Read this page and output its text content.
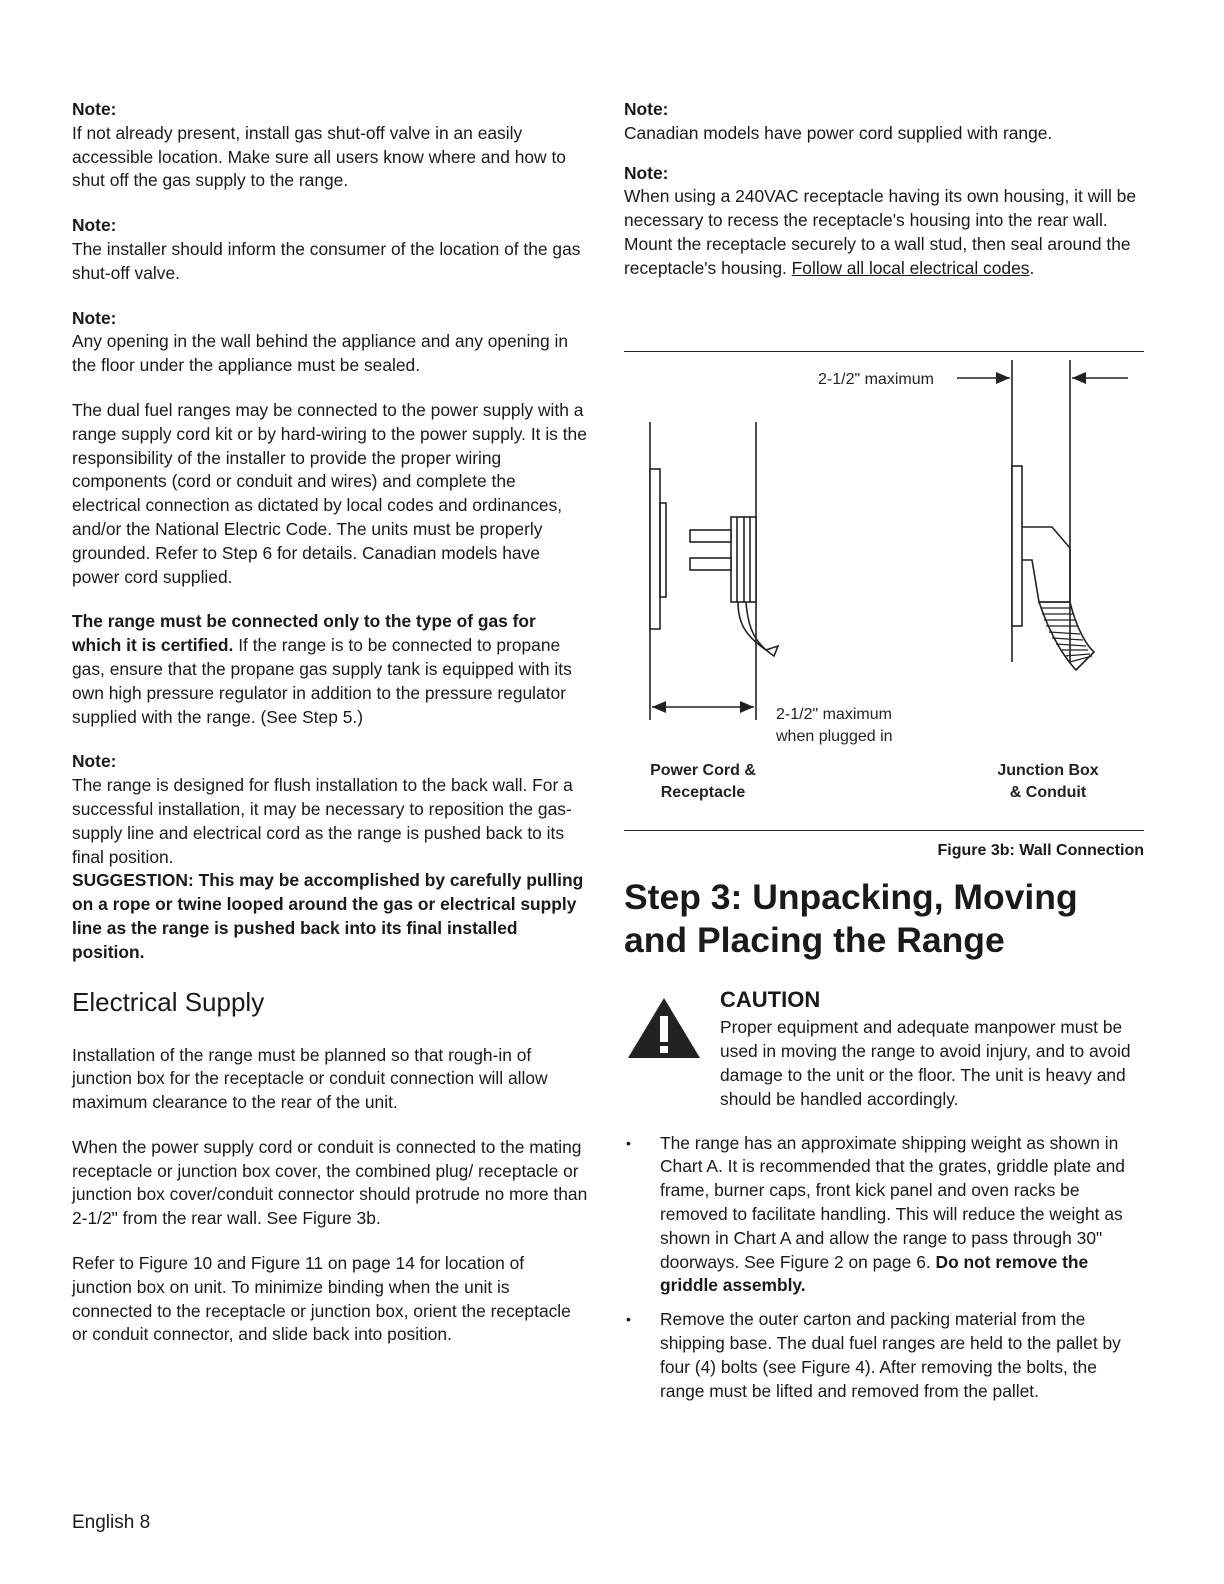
Note:

If not already present, install gas shut-off valve in an easily accessible location. Make sure all users know where and how to shut off the gas supply to the range.

Note:

The installer should inform the consumer of the location of the gas shut-off valve.

Note:

Any opening in the wall behind the appliance and any opening in the floor under the appliance must be sealed.

The dual fuel ranges may be connected to the power supply with a range supply cord kit or by hard-wiring to the power supply. It is the responsibility of the installer to provide the proper wiring components (cord or conduit and wires) and complete the electrical connection as dictated by local codes and ordinances, and/or the National Electric Code. The units must be properly grounded. Refer to Step 6 for details. Canadian models have power cord supplied.

The range must be connected only to the type of gas for which it is certified. If the range is to be connected to propane gas, ensure that the propane gas supply tank is equipped with its own high pressure regulator in addition to the pressure regulator supplied with the range. (See Step 5.)

Note:

The range is designed for flush installation to the back wall. For a successful installation, it may be necessary to reposition the gas-supply line and electrical cord as the range is pushed back to its final position.

SUGGESTION: This may be accomplished by carefully pulling on a rope or twine looped around the gas or electrical supply line as the range is pushed back into its final installed position.

Electrical Supply

Installation of the range must be planned so that rough-in of junction box for the receptacle or conduit connection will allow maximum clearance to the rear of the unit.

When the power supply cord or conduit is connected to the mating receptacle or junction box cover, the combined plug/ receptacle or junction box cover/conduit connector should protrude no more than 2-1/2" from the rear wall. See Figure 3b.

Refer to Figure 10 and Figure 11 on page 14 for location of junction box on unit. To minimize binding when the unit is connected to the receptacle or junction box, orient the receptacle or conduit connector, and slide back into position.

Note:

Canadian models have power cord supplied with range.

Note:

When using a 240VAC receptacle having its own housing, it will be necessary to recess the receptacle's housing into the rear wall. Mount the receptacle securely to a wall stud, then seal around the receptacle's housing. Follow all local electrical codes.

2-1/2" maximum
2-1/2" maximum
when plugged in
Power Cord &
Receptacle
Junction Box
& Conduit

Figure 3b: Wall Connection

Step 3: Unpacking, Moving and Placing the Range

CAUTION

Proper equipment and adequate manpower must be used in moving the range to avoid injury, and to avoid damage to the unit or the floor. The unit is heavy and should be handled accordingly.

• The range has an approximate shipping weight as shown in Chart A. It is recommended that the grates, griddle plate and frame, burner caps, front kick panel and oven racks be removed to facilitate handling. This will reduce the weight as shown in Chart A and allow the range to pass through 30" doorways. See Figure 2 on page 6. Do not remove the griddle assembly.
• Remove the outer carton and packing material from the shipping base. The dual fuel ranges are held to the pallet by four (4) bolts (see Figure 4). After removing the bolts, the range must be lifted and removed from the pallet.
English 8
